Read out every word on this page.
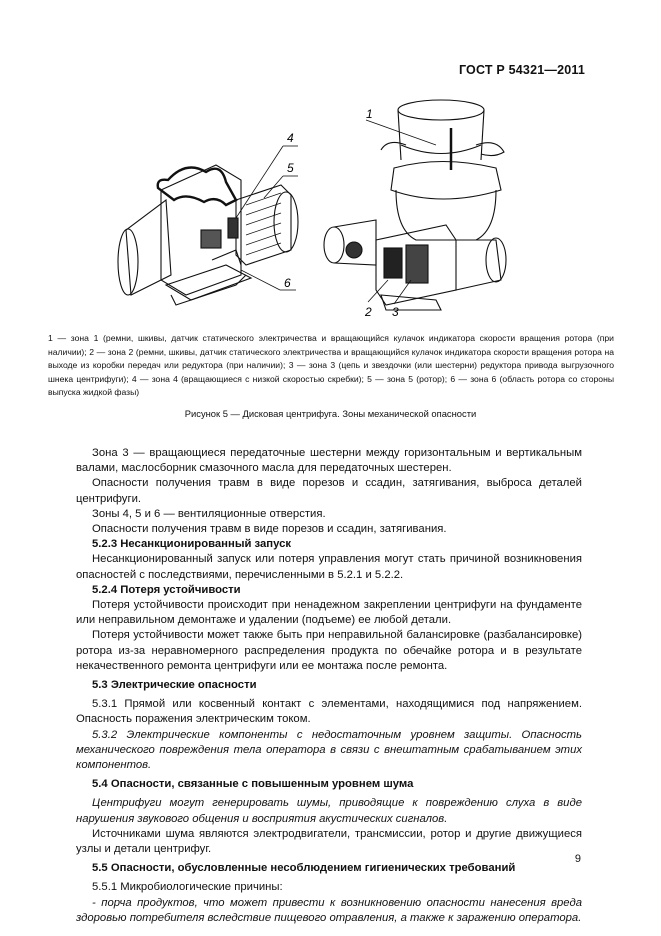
ГОСТ Р 54321—2011
4
5
6
1
2 3
1 — зона 1 (ремни, шкивы, датчик статического электричества и вращающийся кулачок индикатора скорости вращения ротора (при наличии); 2 — зона 2 (ремни, шкивы, датчик статического электричества и вращающийся кулачок индикатора скорости вращения ротора на выходе из коробки передач или редуктора (при наличии); 3 — зона 3 (цепь и звездочки (или шестерни) редуктора привода выгрузочного шнека центрифуги); 4 — зона 4 (вращающиеся с низкой скоростью скребки); 5 — зона 5 (ротор); 6 — зона 6 (область ротора со стороны выпуска жидкой фазы)
Рисунок 5 — Дисковая центрифуга. Зоны механической опасности

Зона 3 — вращающиеся передаточные шестерни между горизонтальным и вертикальным валами, маслосборник смазочного масла для передаточных шестерен.

Опасности получения травм в виде порезов и ссадин, затягивания, выброса деталей центрифуги.

Зоны 4, 5 и 6 — вентиляционные отверстия.

Опасности получения травм в виде порезов и ссадин, затягивания.

5.2.3 Несанкционированный запуск

Несанкционированный запуск или потеря управления могут стать причиной возникновения опасностей с последствиями, перечисленными в 5.2.1 и 5.2.2.

5.2.4 Потеря устойчивости

Потеря устойчивости происходит при ненадежном закреплении центрифуги на фундаменте или неправильном демонтаже и удалении (подъеме) ее любой детали.

Потеря устойчивости может также быть при неправильной балансировке (разбалансировке) ротора из-за неравномерного распределения продукта по обечайке ротора и в результате некачественного ремонта центрифуги или ее монтажа после ремонта.

5.3 Электрические опасности

5.3.1 Прямой или косвенный контакт с элементами, находящимися под напряжением. Опасность поражения электрическим током.

5.3.2 Электрические компоненты с недостаточным уровнем защиты. Опасность механического повреждения тела оператора в связи с внештатным срабатыванием этих компонентов.

5.4 Опасности, связанные с повышенным уровнем шума

Центрифуги могут генерировать шумы, приводящие к повреждению слуха в виде нарушения звукового общения и восприятия акустических сигналов.

Источниками шума являются электродвигатели, трансмиссии, ротор и другие движущиеся узлы и детали центрифуг.

5.5 Опасности, обусловленные несоблюдением гигиенических требований

5.5.1 Микробиологические причины:

- порча продуктов, что может привести к возникновению опасности нанесения вреда здоровью потребителя вследствие пищевого отравления, а также к заражению оператора.

9
